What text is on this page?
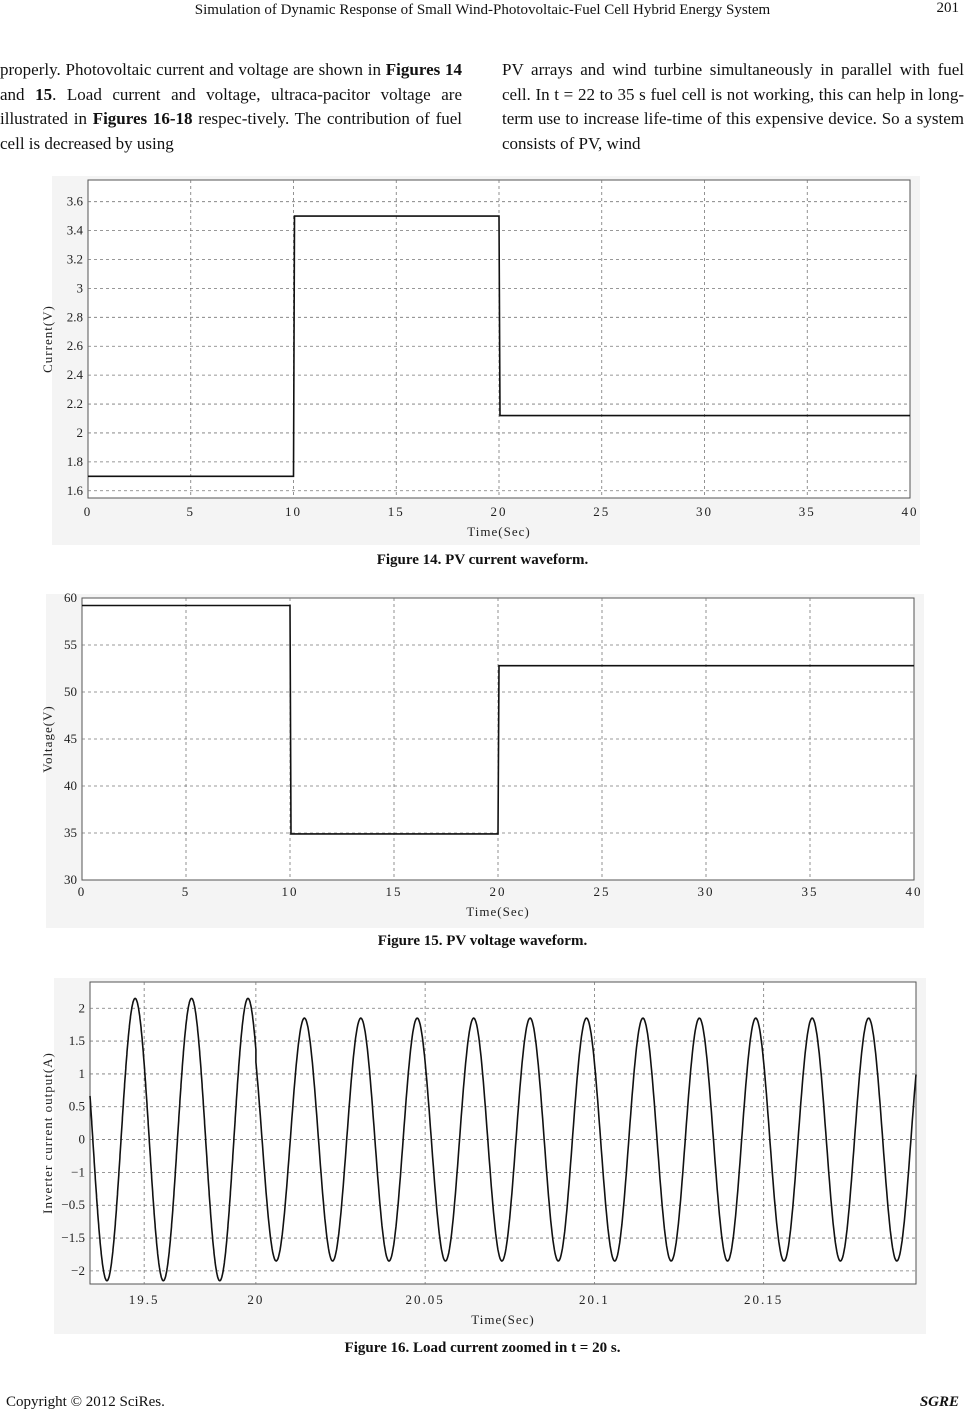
Simulation of Dynamic Response of Small Wind-Photovoltaic-Fuel Cell Hybrid Energy System	201
properly. Photovoltaic current and voltage are shown in Figures 14 and 15. Load current and voltage, ultraca-pacitor voltage are illustrated in Figures 16-18 respec-tively. The contribution of fuel cell is decreased by using
PV arrays and wind turbine simultaneously in parallel with fuel cell. In t = 22 to 35 s fuel cell is not working, this can help in long-term use to increase life-time of this expensive device. So a system consists of PV, wind
0	5	10	15	20	25	30	35	40
1.6
1.8
2
2.2
2.4
2.6
2.8
3
3.2
3.4
3.6
Time(Sec)
Current(V)
Figure 14. PV current waveform.
0	5	10	15	20	25	30	35	40
30
35
40
45
50
55
60
Time(Sec)
Voltage(V)
Figure 15. PV voltage waveform.
19.5	20	20.05	20.1	20.15
2
1.5
1
0.5
0
−1
−0.5
−1.5
−2
Time(Sec)
Inverter current output(A)
Figure 16. Load current zoomed in t = 20 s.
Copyright © 2012 SciRes.	SGRE
